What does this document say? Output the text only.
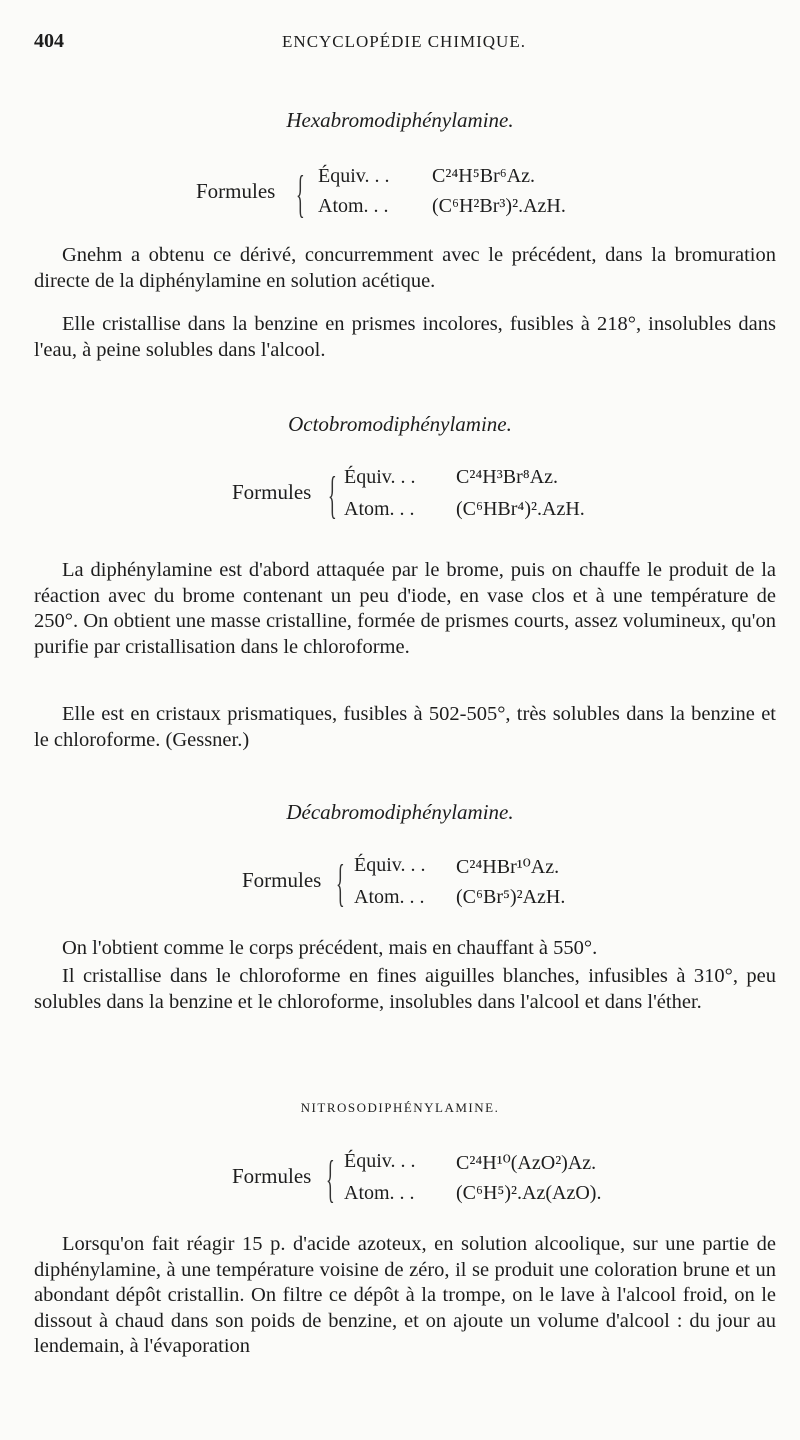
404	ENCYCLOPÉDIE CHIMIQUE.
Hexabromodiphénylamine.
Formules { Équiv. . . C²⁴H⁵Br⁶Az.
Atom. . . (C⁶H²Br³)².AzH.

Gnehm a obtenu ce dérivé, concurremment avec le précédent, dans la bromuration directe de la diphénylamine en solution acétique.

Elle cristallise dans la benzine en prismes incolores, fusibles à 218°, insolubles dans l'eau, à peine solubles dans l'alcool.

Octobromodiphénylamine.
Formules { Équiv. . . C²⁴H³Br⁸Az.
Atom. . . (C⁶HBr⁴)².AzH.

La diphénylamine est d'abord attaquée par le brome, puis on chauffe le produit de la réaction avec du brome contenant un peu d'iode, en vase clos et à une température de 250°. On obtient une masse cristalline, formée de prismes courts, assez volumineux, qu'on purifie par cristallisation dans le chloroforme.

Elle est en cristaux prismatiques, fusibles à 502-505°, très solubles dans la benzine et le chloroforme. (Gessner.)

Décabromodiphénylamine.
Formules { Équiv. . . C²⁴HBr¹⁰Az.
Atom. . . (C⁶Br⁵)²AzH.

On l'obtient comme le corps précédent, mais en chauffant à 550°.

Il cristallise dans le chloroforme en fines aiguilles blanches, infusibles à 310°, peu solubles dans la benzine et le chloroforme, insolubles dans l'alcool et dans l'éther.

NITROSODIPHÉNYLAMINE.
Formules { Équiv. . . C²⁴H¹⁰(AzO²)Az.
Atom. . . (C⁶H⁵)².Az(AzO).

Lorsqu'on fait réagir 15 p. d'acide azoteux, en solution alcoolique, sur une partie de diphénylamine, à une température voisine de zéro, il se produit une coloration brune et un abondant dépôt cristallin. On filtre ce dépôt à la trompe, on le lave à l'alcool froid, on le dissout à chaud dans son poids de benzine, et on ajoute un volume d'alcool : du jour au lendemain, à l'évaporation
